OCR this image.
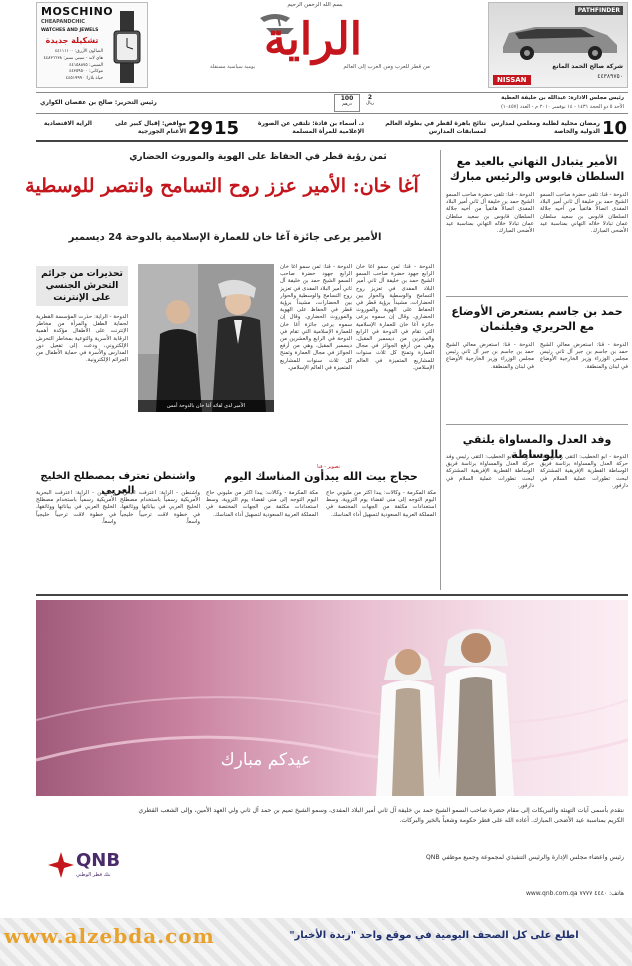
MOSCHINO
CHEAPANDCHIC
WATCHES AND JEWELS
تشكيلة جديدة
الصالون الأزرق: ٤٤١١١١٠٠
هاي لاند - سيتي سنتر: ٤٤٨٣٦٦٣٨
السيتي: ٤٤١٥٨٨٧٥
موكاني: ٤٤٣٥٩٥٠٠
حياة بلازا: ٤٤٥١٩٩٩٠
بسم الله الرحمن الرحيم
الراية
من قطر للعرب ومن العرب إلى العالم
يومية سياسية مستقلة
PATHFINDER
شركة صالح الحمد المانع
٤٤٣٨٩٧٥٠
NISSAN
رئيس مجلس الادارة: عبدالله بن خليفة العطية
الأحد ٥ ذو الحجة ١٤٣١ - ١٤ نوفمبر ٢٠١٠ م - العدد (١٠٤٥٧)
100
درهم
2
ريال
رئيس التحرير: صالح بن عفصان الكواري
10
رمضان محلية لطلبة ومعلمي لمدارس الدولية والخاصة
نتائج باهرة لقطر في بطولة العالم لمسابقات المدارس
15	د. أسماء بن قادة: تلتقي عن الصورة الإعلامية للمرأة المسلمة
29
مواقص: إقبال كبير على الأغنام الجورجية
الراية الاقتصادية
ثمن رؤية قطر في الحفاظ على الهوية والموروث الحضاري
آغا خان: الأمير عزز روح التسامح وانتصر للوسطية
الأمير يرعى جائزة آغا خان للعمارة الإسلامية بالدوحة 24 ديسمبر
تحذيرات من جرائم التحرش الجنسي على الإنترنت
الدوحة - الراية: حذرت المؤسسة القطرية لحماية الطفل والمرأة من مخاطر الإنترنت على الأطفال مؤكدة أهمية الرقابة الأسرية والتوعية بمخاطر التحرش الإلكتروني، ودعت إلى تفعيل دور المدارس والأسرة في حماية الأطفال من الجرائم الإلكترونية.
الأمير لدى لقائه آغا خان بالدوحة أمس
الدوحة - قنا: ثمن سمو آغا خان الرابع جهود حضرة صاحب السمو الشيخ حمد بن خليفة آل ثاني أمير البلاد المفدى في تعزيز روح التسامح والوسطية والحوار بين الحضارات، مشيداً برؤية قطر في الحفاظ على الهوية والموروث الحضاري. وقال إن سموه يرعى جائزة آغا خان للعمارة الإسلامية التي تقام في الدوحة في الرابع والعشرين من ديسمبر المقبل، وهي من أرفع الجوائز في مجال العمارة وتمنح كل ثلاث سنوات للمشاريع المتميزة في العالم الإسلامي.
الدوحة - قنا: ثمن سمو آغا خان الرابع جهود حضرة صاحب السمو الشيخ حمد بن خليفة آل ثاني أمير البلاد المفدى في تعزيز روح التسامح والوسطية والحوار بين الحضارات، مشيداً برؤية قطر في الحفاظ على الهوية والموروث الحضاري. وقال إن سموه يرعى جائزة آغا خان للعمارة الإسلامية التي تقام في الدوحة في الرابع والعشرين من ديسمبر المقبل، وهي من أرفع الجوائز في مجال العمارة وتمنح كل ثلاث سنوات للمشاريع المتميزة في العالم الإسلامي.
تصوير - قنا
حجاج بيت الله يبدأون المناسك اليوم
مكة المكرمة - وكالات: يبدأ أكثر من مليوني حاج اليوم التوجه إلى منى لقضاء يوم التروية، وسط استعدادات مكثفة من الجهات المختصة في المملكة العربية السعودية لتسهيل أداء المناسك.
مكة المكرمة - وكالات: يبدأ أكثر من مليوني حاج اليوم التوجه إلى منى لقضاء يوم التروية، وسط استعدادات مكثفة من الجهات المختصة في المملكة العربية السعودية لتسهيل أداء المناسك.
واشنطن تعترف بمصطلح الخليج العربي
واشنطن - الراية: اعترفت البحرية الأمريكية رسمياً باستخدام مصطلح الخليج العربي في بياناتها ووثائقها، في خطوة لاقت ترحيباً خليجياً واسعاً.
واشنطن - الراية: اعترفت البحرية الأمريكية رسمياً باستخدام مصطلح الخليج العربي في بياناتها ووثائقها، في خطوة لاقت ترحيباً خليجياً واسعاً.
الأمير يتبادل التهاني بالعيد مع السلطان قابوس والرئيس مبارك
الدوحة - قنا: تلقى حضرة صاحب السمو الشيخ حمد بن خليفة آل ثاني أمير البلاد المفدى اتصالاً هاتفياً من أخيه جلالة السلطان قابوس بن سعيد سلطان عمان تبادلا خلاله التهاني بمناسبة عيد الأضحى المبارك.
الدوحة - قنا: تلقى حضرة صاحب السمو الشيخ حمد بن خليفة آل ثاني أمير البلاد المفدى اتصالاً هاتفياً من أخيه جلالة السلطان قابوس بن سعيد سلطان عمان تبادلا خلاله التهاني بمناسبة عيد الأضحى المبارك.
حمد بن جاسم يستعرض الأوضاع مع الحريري وفيلتمان
الدوحة - قنا: استعرض معالي الشيخ حمد بن جاسم بن جبر آل ثاني رئيس مجلس الوزراء وزير الخارجية الأوضاع في لبنان والمنطقة.
الدوحة - قنا: استعرض معالي الشيخ حمد بن جاسم بن جبر آل ثاني رئيس مجلس الوزراء وزير الخارجية الأوضاع في لبنان والمنطقة.
وفد العدل والمساواة يلتقي بالوساطة
الدوحة - أبو الخطيب: التقى رئيس وفد حركة العدل والمساواة برئاسة فريق الوساطة القطرية الإفريقية المشتركة لبحث تطورات عملية السلام في دارفور.
الدوحة - أبو الخطيب: التقى رئيس وفد حركة العدل والمساواة برئاسة فريق الوساطة القطرية الإفريقية المشتركة لبحث تطورات عملية السلام في دارفور.
عيدكم مبارك
نتقدم بأسمى آيات التهنئة والتبريكات إلى مقام حضرة صاحب السمو الشيخ حمد بن خليفة آل ثاني أمير البلاد المفدى، وسمو الشيخ تميم بن حمد آل ثاني ولي العهد الأمين، وإلى الشعب القطري الكريم بمناسبة عيد الأضحى المبارك. أعاده الله على قطر حكومة وشعباً بالخير والبركات.
رئيس وأعضاء مجلس الإدارة والرئيس التنفيذي لمجموعة وجميع موظفي QNB
QNB
بنك قطر الوطني
www.qnb.com.qa هاتف: ٤٤٤٠ ٧٧٧٧
www.alzebda.com	اطلع على كل الصحف اليومية في موقع واحد "زبدة الأخبار"
